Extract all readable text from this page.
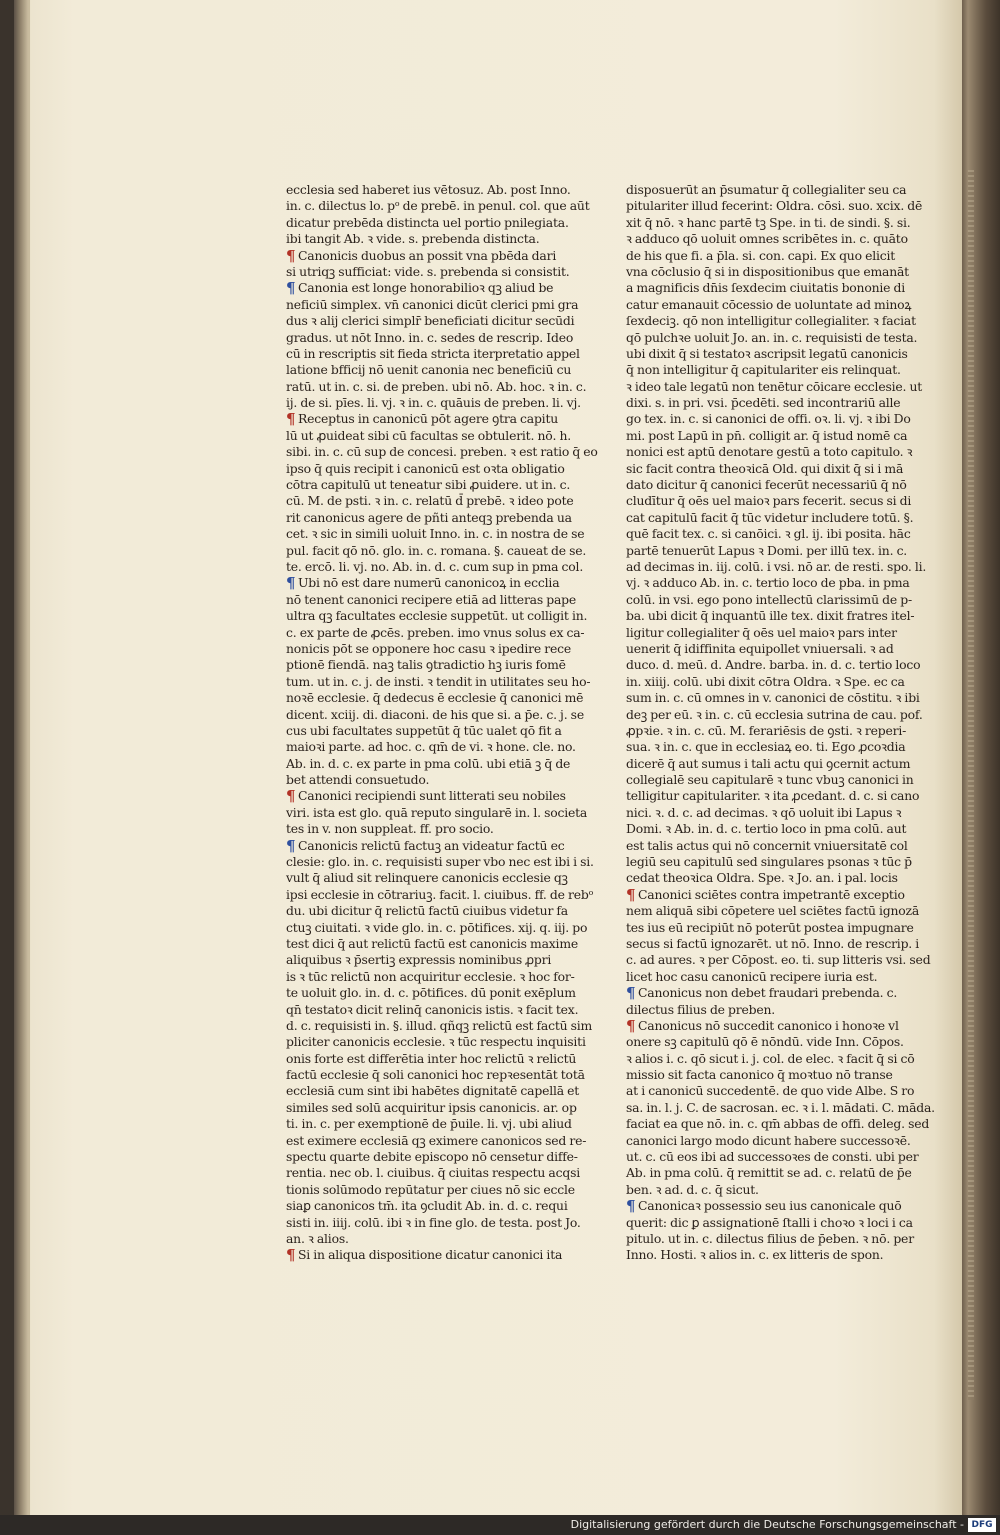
ecclesia sed haberet ius vētosuz. Ab. post Inno.
in. c. dilectus lo. pᵒ de prebē. in penul. col. que aūt
dicatur prebēda distincta uel portio pnilegiata.
ibi tangit Ab. ꝛ vide. s. prebenda distincta.
¶ Canonicis duobus an possit vna pbēda dari
si utriqꝫ sufficiat: vide. s. prebenda si consistit.
¶ Canonia est longe honorabilioꝛ qꝫ aliud be
neficiū simplex. vn̄ canonici dicūt clerici pmi gra
dus ꝛ alij clerici simplr̄ beneficiati dicitur secūdi
gradus. ut nōt Inno. in. c. sedes de rescrip. Ideo
cū in rescriptis sit fieda stricta iterpretatio appel
latione bfficij nō uenit canonia nec beneficiū cu
ratū. ut in. c. si. de preben. ubi nō. Ab. hoc. ꝛ in. c.
ij. de si. pīes. li. vj. ꝛ in. c. quāuis de preben. li. vj.
¶ Receptus in canonicū pōt agere ꝯtra capitu
lū ut ꝓuideat sibi cū facultas se obtulerit. nō. h.
sibi. in. c. cū sup de concesi. preben. ꝛ est ratio q̄ eo
ipso q̄ quis recipit i canonicū est oꝛta obligatio
cōtra capitulū ut teneatur sibi ꝓuidere. ut in. c.
cū. M. de psti. ꝛ in. c. relatū d̄ prebē. ꝛ ideo pote
rit canonicus agere de pñti anteqꝫ prebenda ua
cet. ꝛ sic in simili uoluit Inno. in. c. in nostra de se
pul. facit qō nō. glo. in. c. romana. §. caueat de se.
te. ercō. li. vj. no. Ab. in. d. c. cum sup in pma col.
¶ Ubi nō est dare numerū canonicoꝝ in ecclia
nō tenent canonici recipere etiā ad litteras pape
ultra qꝫ facultates ecclesie suppetūt. ut colligit in.
c. ex parte de ꝓcēs. preben. imo vnus solus ex ca-
nonicis pōt se opponere hoc casu ꝛ ipedire rece
ptionē fiendā. naꝫ talis ꝯtradictio hꝫ iuris fomē
tum. ut in. c. j. de insti. ꝛ tendit in utilitates seu ho-
noꝛē ecclesie. q̄ dedecus ē ecclesie q̄ canonici mē
dicent. xciij. di. diaconi. de his que si. a p̄e. c. j. se
cus ubi facultates suppetūt q̄ tūc ualet qō fit a
maioꝛi parte. ad hoc. c. qm̄ de vi. ꝛ hone. cle. no.
Ab. in. d. c. ex parte in pma colū. ubi etiā ꝫ q̄ de
bet attendi consuetudo.
¶ Canonici recipiendi sunt litterati seu nobiles
viri. ista est glo. quā reputo singularē in. l. societa
tes in v. non suppleat. ff. pro socio.
¶ Canonicis relictū factuꝫ an videatur factū ec
clesie: glo. in. c. requisisti super vbo nec est ibi i si.
vult q̄ aliud sit relinquere canonicis ecclesie qꝫ
ipsi ecclesie in cōtrariuꝫ. facit. l. ciuibus. ff. de rebᵒ
du. ubi dicitur q̄ relictū factū ciuibus videtur fa
ctuꝫ ciuitati. ꝛ vide glo. in. c. pōtifices. xij. q. iij. po
test dici q̄ aut relictū factū est canonicis maxime
aliquibus ꝛ p̄sertiꝫ expressis nominibus ꝓpri
is ꝛ tūc relictū non acquiritur ecclesie. ꝛ hoc for-
te uoluit glo. in. d. c. pōtifices. dū ponit exēplum
qn̄ testatoꝛ dicit relinq̄ canonicis istis. ꝛ facit tex.
d. c. requisisti in. §. illud. qñqꝫ relictū est factū sim
pliciter canonicis ecclesie. ꝛ tūc respectu inquisiti
onis forte est differētia inter hoc relictū ꝛ relictū
factū ecclesie q̄ soli canonici hoc repꝛesentāt totā
ecclesiā cum sint ibi habētes dignitatē capellā et
similes sed solū acquiritur ipsis canonicis. ar. op
ti. in. c. per exemptionē de p̄uile. li. vj. ubi aliud
est eximere ecclesiā qꝫ eximere canonicos sed re-
spectu quarte debite episcopo nō censetur diffe-
rentia. nec ob. l. ciuibus. q̄ ciuitas respectu acqsi
tionis solūmodo repūtatur per ciues nō sic eccle
siaꝑ canonicos tm̄. ita ꝯcludit Ab. in. d. c. requi
sisti in. iiij. colū. ibi ꝛ in fine glo. de testa. post Jo.
an. ꝛ alios.
¶ Si in aliqua dispositione dicatur canonici ita
disposuerūt an p̄sumatur q̄ collegialiter seu ca
pitulariter illud fecerint: Oldra. cōsi. suo. xcix. dē
xit q̄ nō. ꝛ hanc partē tꝫ Spe. in ti. de sindi. §. si.
ꝛ adduco qō uoluit omnes scribētes in. c. quāto
de his que fi. a p̄la. si. con. capi. Ex quo elicit
vna cōclusio q̄ si in dispositionibus que emanāt
a magnificis dn̄is ſexdecim ciuitatis bononie di
catur emanauit cōcessio de uoluntate ad minoꝝ
ſexdeciꝫ. qō non intelligitur collegialiter. ꝛ faciat
qō pulchꝛe uoluit Jo. an. in. c. requisisti de testa.
ubi dixit q̄ si testatoꝛ ascripsit legatū canonicis
q̄ non intelligitur q̄ capitulariter eis relinquat.
ꝛ ideo tale legatū non tenētur cōicare ecclesie. ut
dixi. s. in pri. vsi. p̄cedēti. sed incontrariū alle
go tex. in. c. si canonici de offi. oꝛ. li. vj. ꝛ ibi Do
mi. post Lapū in pn̄. colligit ar. q̄ istud nomē ca
nonici est aptū denotare gestū a toto capitulo. ꝛ
sic facit contra theoꝛicā Old. qui dixit q̄ si i mā
dato dicitur q̄ canonici fecerūt necessariū q̄ nō
cludītur q̄ oēs uel maioꝛ pars fecerit. secus si di
cat capitulū facit q̄ tūc videtur includere totū. §.
quē facit tex. c. si canōici. ꝛ gl. ij. ibi posita. hāc
partē tenuerūt Lapus ꝛ Domi. per illū tex. in. c.
ad decimas in. iij. colū. i vsi. nō ar. de resti. spo. li.
vj. ꝛ adduco Ab. in. c. tertio loco de pba. in pma
colū. in vsi. ego pono intellectū clarissimū de p-
ba. ubi dicit q̄ inquantū ille tex. dixit fratres itel-
ligitur collegialiter q̄ oēs uel maioꝛ pars inter
uenerit q̄ idiffinita equipollet vniuersali. ꝛ ad
duco. d. meū. d. Andre. barba. in. d. c. tertio loco
in. xiiij. colū. ubi dixit cōtra Oldra. ꝛ Spe. ec ca
sum in. c. cū omnes in v. canonici de cōstitu. ꝛ ibi
deꝫ per eū. ꝛ in. c. cū ecclesia sutrina de cau. pof.
ꝓpꝛie. ꝛ in. c. cū. M. ferariēsis de ꝯsti. ꝛ reperi-
sua. ꝛ in. c. que in ecclesiaꝝ eo. ti. Ego ꝓcoꝛdia
dicerē q̄ aut sumus i tali actu qui ꝯcernit actum
collegialē seu capitularē ꝛ tunc vbuꝫ canonici in
telligitur capitulariter. ꝛ ita ꝓcedant. d. c. si cano
nici. ꝛ. d. c. ad decimas. ꝛ qō uoluit ibi Lapus ꝛ
Domi. ꝛ Ab. in. d. c. tertio loco in pma colū. aut
est talis actus qui nō concernit vniuersitatē col
legiū seu capitulū sed singulares psonas ꝛ tūc p̄
cedat theoꝛica Oldra. Spe. ꝛ Jo. an. i pal. locis
¶ Canonici sciētes contra impetrantē exceptio
nem aliquā sibi cōpetere uel sciētes factū ignozā
tes ius eū recipiūt nō poterūt postea impugnare
secus si factū ignozarēt. ut nō. Inno. de rescrip. i
c. ad aures. ꝛ per Cōpost. eo. ti. sup litteris vsi. sed
licet hoc casu canonicū recipere iuria est.
¶ Canonicus non debet fraudari prebenda. c.
dilectus filius de preben.
¶ Canonicus nō succedit canonico i honoꝛe vl
onere sꝫ capitulū qō ē nōndū. vide Inn. Cōpos.
ꝛ alios i. c. qō sicut i. j. col. de elec. ꝛ facit q̄ si cō
missio sit facta canonico q̄ moꝛtuo nō transe
at i canonicū succedentē. de quo vide Albe. S ro
sa. in. l. j. C. de sacrosan. ec. ꝛ i. l. mādati. C. māda.
faciat ea que nō. in. c. qm̄ abbas de offi. deleg. sed
canonici largo modo dicunt habere successoꝛē.
ut. c. cū eos ibi ad successoꝛes de consti. ubi per
Ab. in pma colū. q̄ remittit se ad. c. relatū de p̄e
ben. ꝛ ad. d. c. q̄ sicut.
¶ Canonicaꝛ possessio seu ius canonicale quō
querit: dic ꝑ assignationē ſtalli i choꝛo ꝛ loci i ca
pitulo. ut in. c. dilectus filius de p̄eben. ꝛ nō. per
Inno. Hosti. ꝛ alios in. c. ex litteris de spon.
Digitalisierung gefördert durch die Deutsche Forschungsgemeinschaft - DFG
